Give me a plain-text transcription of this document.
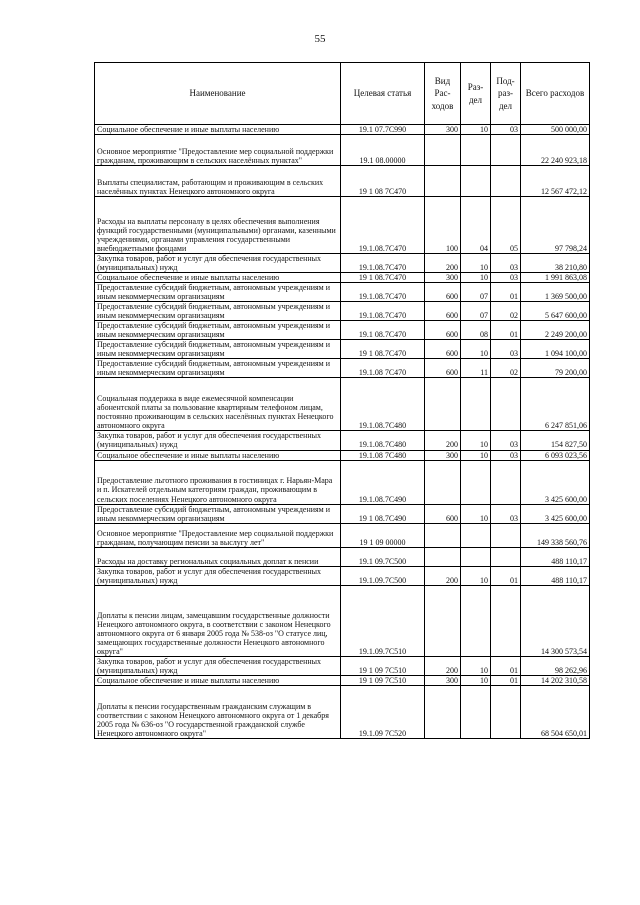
55
Наименование	Целевая статья	Вид Рас- ходов	Раз- дел	Под- раз- дел	Всего расходов
Социальное обеспечение и иные выплаты населению	19.1 07.7С990	300	10	03	500 000,00
Основное мероприятие "Предоставление мер социальной поддержки гражданам, проживающим в сельских населённых пунктах"	19.1 08.00000				22 240 923,18
Выплаты специалистам, работающим и проживающим в сельских населённых пунктах Ненецкого автономного округа	19 1 08 7С470				12 567 472,12
Расходы на выплаты персоналу в целях обеспечения выполнения функций государственными (муниципальными) органами, казенными учреждениями, органами управления государственными внебюджетными фондами	19.1.08.7С470	100	04	05	97 798,24
Закупка товаров, работ и услуг для обеспечения государственных (муниципальных) нужд	19.1.08.7С470	200	10	03	38 210,80
Социальное обеспечение и иные выплаты населению	19 1 08.7С470	300	10	03	1 991 863,08
Предоставление субсидий бюджетным, автономным учреждениям и иным некоммерческим организациям	19.1.08.7С470	600	07	01	1 369 500,00
Предоставление субсидий бюджетным, автономным учреждениям и иным некоммерческим организациям	19.1.08.7С470	600	07	02	5 647 600,00
Предоставление субсидий бюджетным, автономным учреждениям и иным некоммерческим организациям	19.1 08.7С470	600	08	01	2 249 200,00
Предоставление субсидий бюджетным, автономным учреждениям и иным некоммерческим организациям	19 1 08.7С470	600	10	03	1 094 100,00
Предоставление субсидий бюджетным, автономным учреждениям и иным некоммерческим организациям	19.1.08 7С470	600	11	02	79 200,00
Социальная поддержка в виде ежемесячной компенсации абонентской платы за пользование квартирным телефоном лицам, постоянно проживающим в сельских населённых пунктах Ненецкого автономного округа	19.1.08.7С480				6 247 851,06
Закупка товаров, работ и услуг для обеспечения государственных (муниципальных) нужд	19.1.08.7С480	200	10	03	154 827,50
Социальное обеспечение и иные выплаты населению	19.1.08 7С480	300	10	03	6 093 023,56
Предоставление льготного проживания в гостиницах г. Нарьян-Мара и п. Искателей отдельным категориям граждан, проживающим в сельских поселениях Ненецкого автономного округа	19.1.08.7С490				3 425 600,00
Предоставление субсидий бюджетным, автономным учреждениям и иным некоммерческим организациям	19 1 08.7С490	600	10	03	3 425 600,00
Основное мероприятие "Предоставление мер социальной поддержки гражданам, получающим пенсии за выслугу лет"	19 1 09 00000				149 338 560,76
Расходы на доставку региональных социальных доплат к пенсии	19.1 09.7С500				488 110,17
Закупка товаров, работ и услуг для обеспечения государственных (муниципальных) нужд	19.1.09.7С500	200	10	01	488 110,17
Доплаты к пенсии лицам, замещавшим государственные должности Ненецкого автономного округа, в соответствии с законом Ненецкого автономного округа от 6 января 2005 года № 538-оз "О статусе лиц, замещающих государственные должности Ненецкого автономного округа"	19.1.09.7С510				14 300 573,54
Закупка товаров, работ и услуг для обеспечения государственных (муниципальных) нужд	19 1 09 7С510	200	10	01	98 262,96
Социальное обеспечение и иные выплаты населению	19 1 09 7С510	300	10	01	14 202 310,58
Доплаты к пенсии государственным гражданским служащим в соответствии с законом Ненецкого автономного округа от 1 декабря 2005 года № 636-оз "О государственной гражданской службе Ненецкого автономного округа"	19.1.09 7С520				68 504 650,01
